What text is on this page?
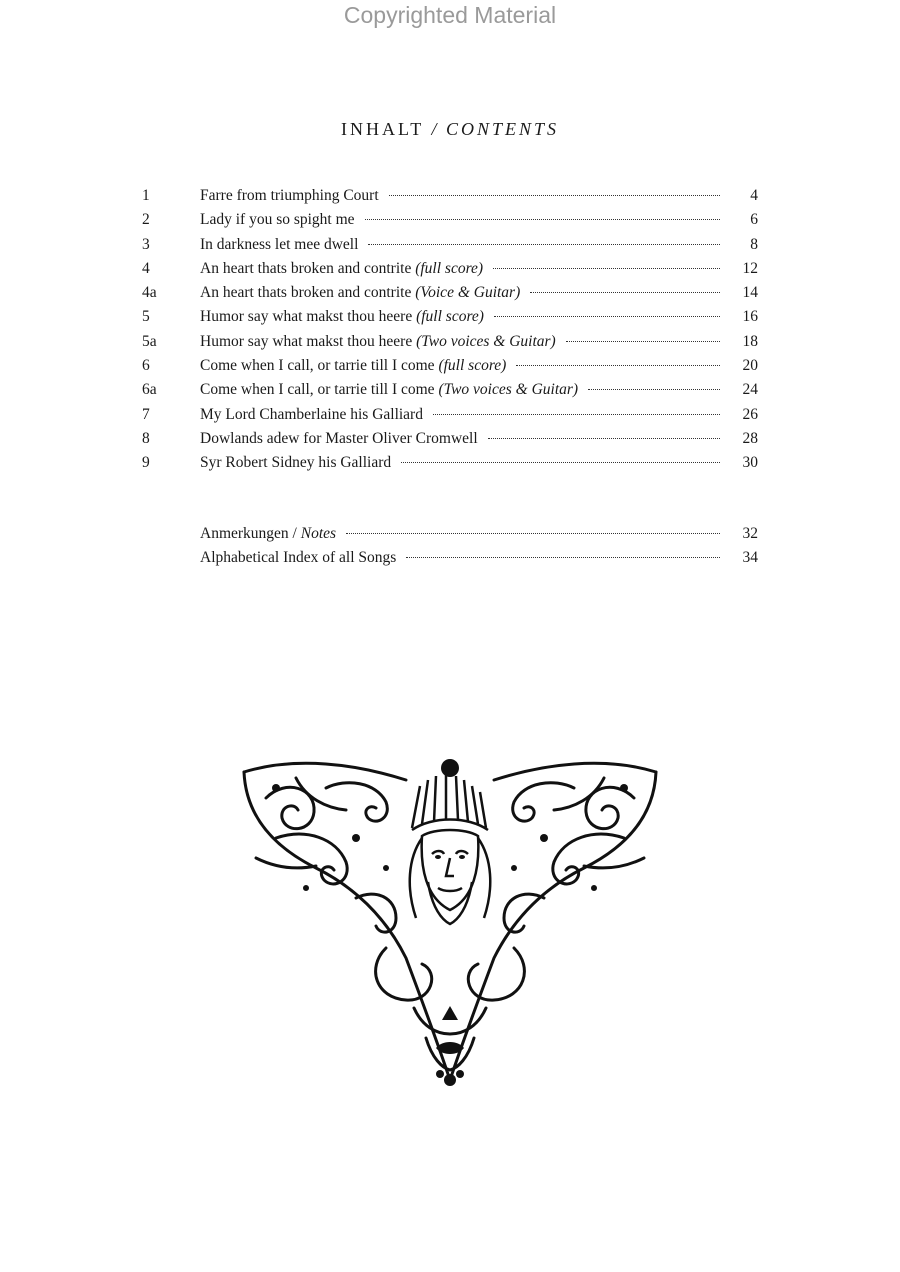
Copyrighted Material
INHALT / CONTENTS
1	Farre from triumphing Court	4
2	Lady if you so spight me	6
3	In darkness let mee dwell	8
4	An heart thats broken and contrite (full score)	12
4a	An heart thats broken and contrite (Voice & Guitar)	14
5	Humor say what makst thou heere (full score)	16
5a	Humor say what makst thou heere (Two voices & Guitar)	18
6	Come when I call, or tarrie till I come (full score)	20
6a	Come when I call, or tarrie till I come (Two voices & Guitar)	24
7	My Lord Chamberlaine his Galliard	26
8	Dowlands adew for Master Oliver Cromwell	28
9	Syr Robert Sidney his Galliard	30
Anmerkungen / Notes	32
Alphabetical Index of all Songs	34
